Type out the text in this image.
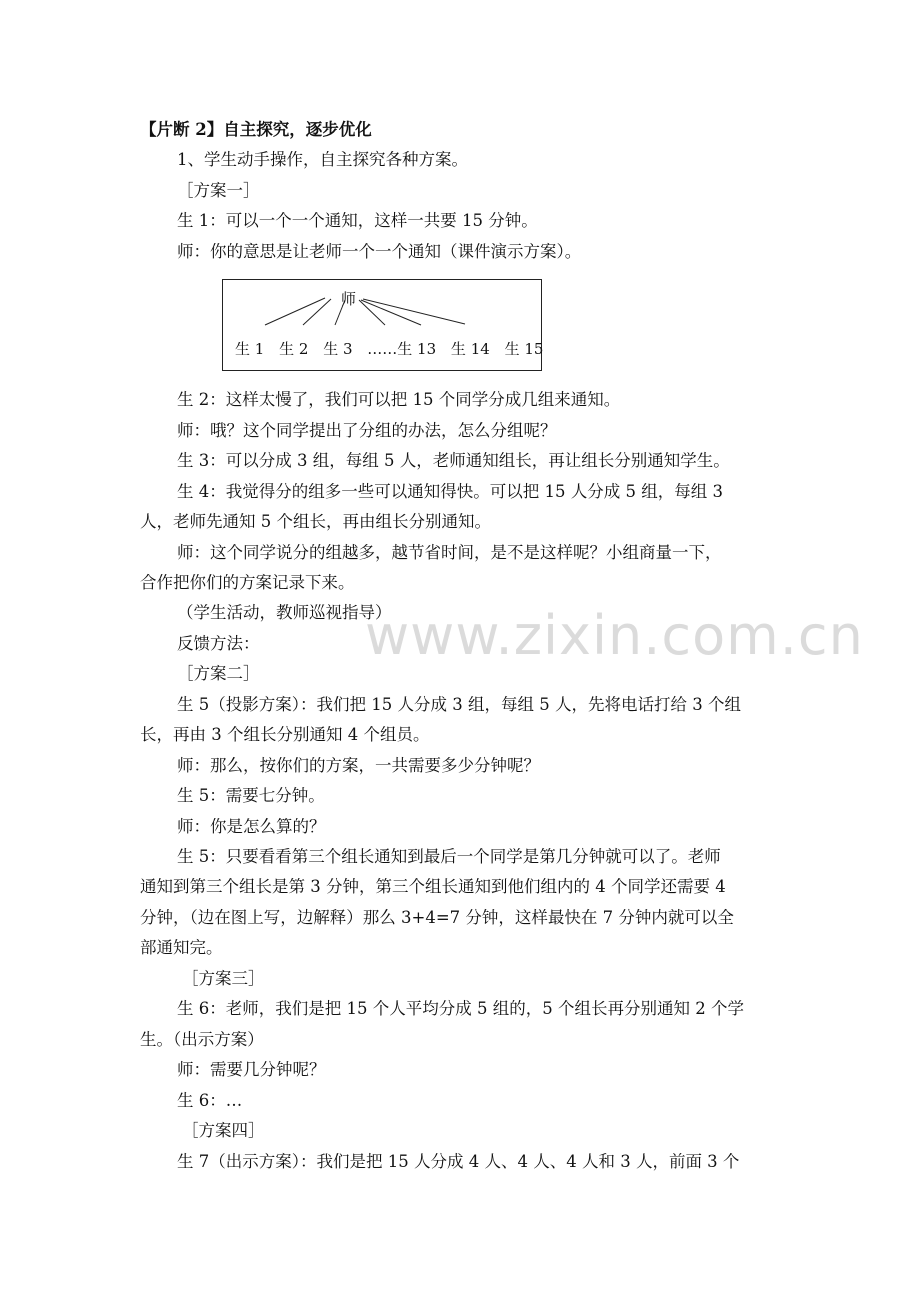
【片断 2】自主探究，逐步优化
1、学生动手操作，自主探究各种方案。
［方案一］
生 1：可以一个一个通知，这样一共要 15 分钟。
师：你的意思是让老师一个一个通知（课件演示方案）。
师
生 1 生 2 生 3 ……生 13 生 14 生 15
生 2：这样太慢了，我们可以把 15 个同学分成几组来通知。
师：哦？这个同学提出了分组的办法，怎么分组呢？
生 3：可以分成 3 组，每组 5 人，老师通知组长，再让组长分别通知学生。
生 4：我觉得分的组多一些可以通知得快。可以把 15 人分成 5 组，每组 3
人，老师先通知 5 个组长，再由组长分别通知。
师：这个同学说分的组越多，越节省时间，是不是这样呢？小组商量一下，
合作把你们的方案记录下来。
（学生活动，教师巡视指导）
反馈方法：
［方案二］
生 5（投影方案）：我们把 15 人分成 3 组，每组 5 人，先将电话打给 3 个组
长，再由 3 个组长分别通知 4 个组员。
师：那么，按你们的方案，一共需要多少分钟呢？
生 5：需要七分钟。
师：你是怎么算的？
生 5：只要看看第三个组长通知到最后一个同学是第几分钟就可以了。老师
通知到第三个组长是第 3 分钟，第三个组长通知到他们组内的 4 个同学还需要 4
分钟，（边在图上写，边解释）那么 3+4=7 分钟，这样最快在 7 分钟内就可以全
部通知完。
［方案三］
生 6：老师，我们是把 15 个人平均分成 5 组的，5 个组长再分别通知 2 个学
生。（出示方案）
师：需要几分钟呢？
生 6：…
［方案四］
生 7（出示方案）：我们是把 15 人分成 4 人、4 人、4 人和 3 人，前面 3 个
www.zixin.com.cn
